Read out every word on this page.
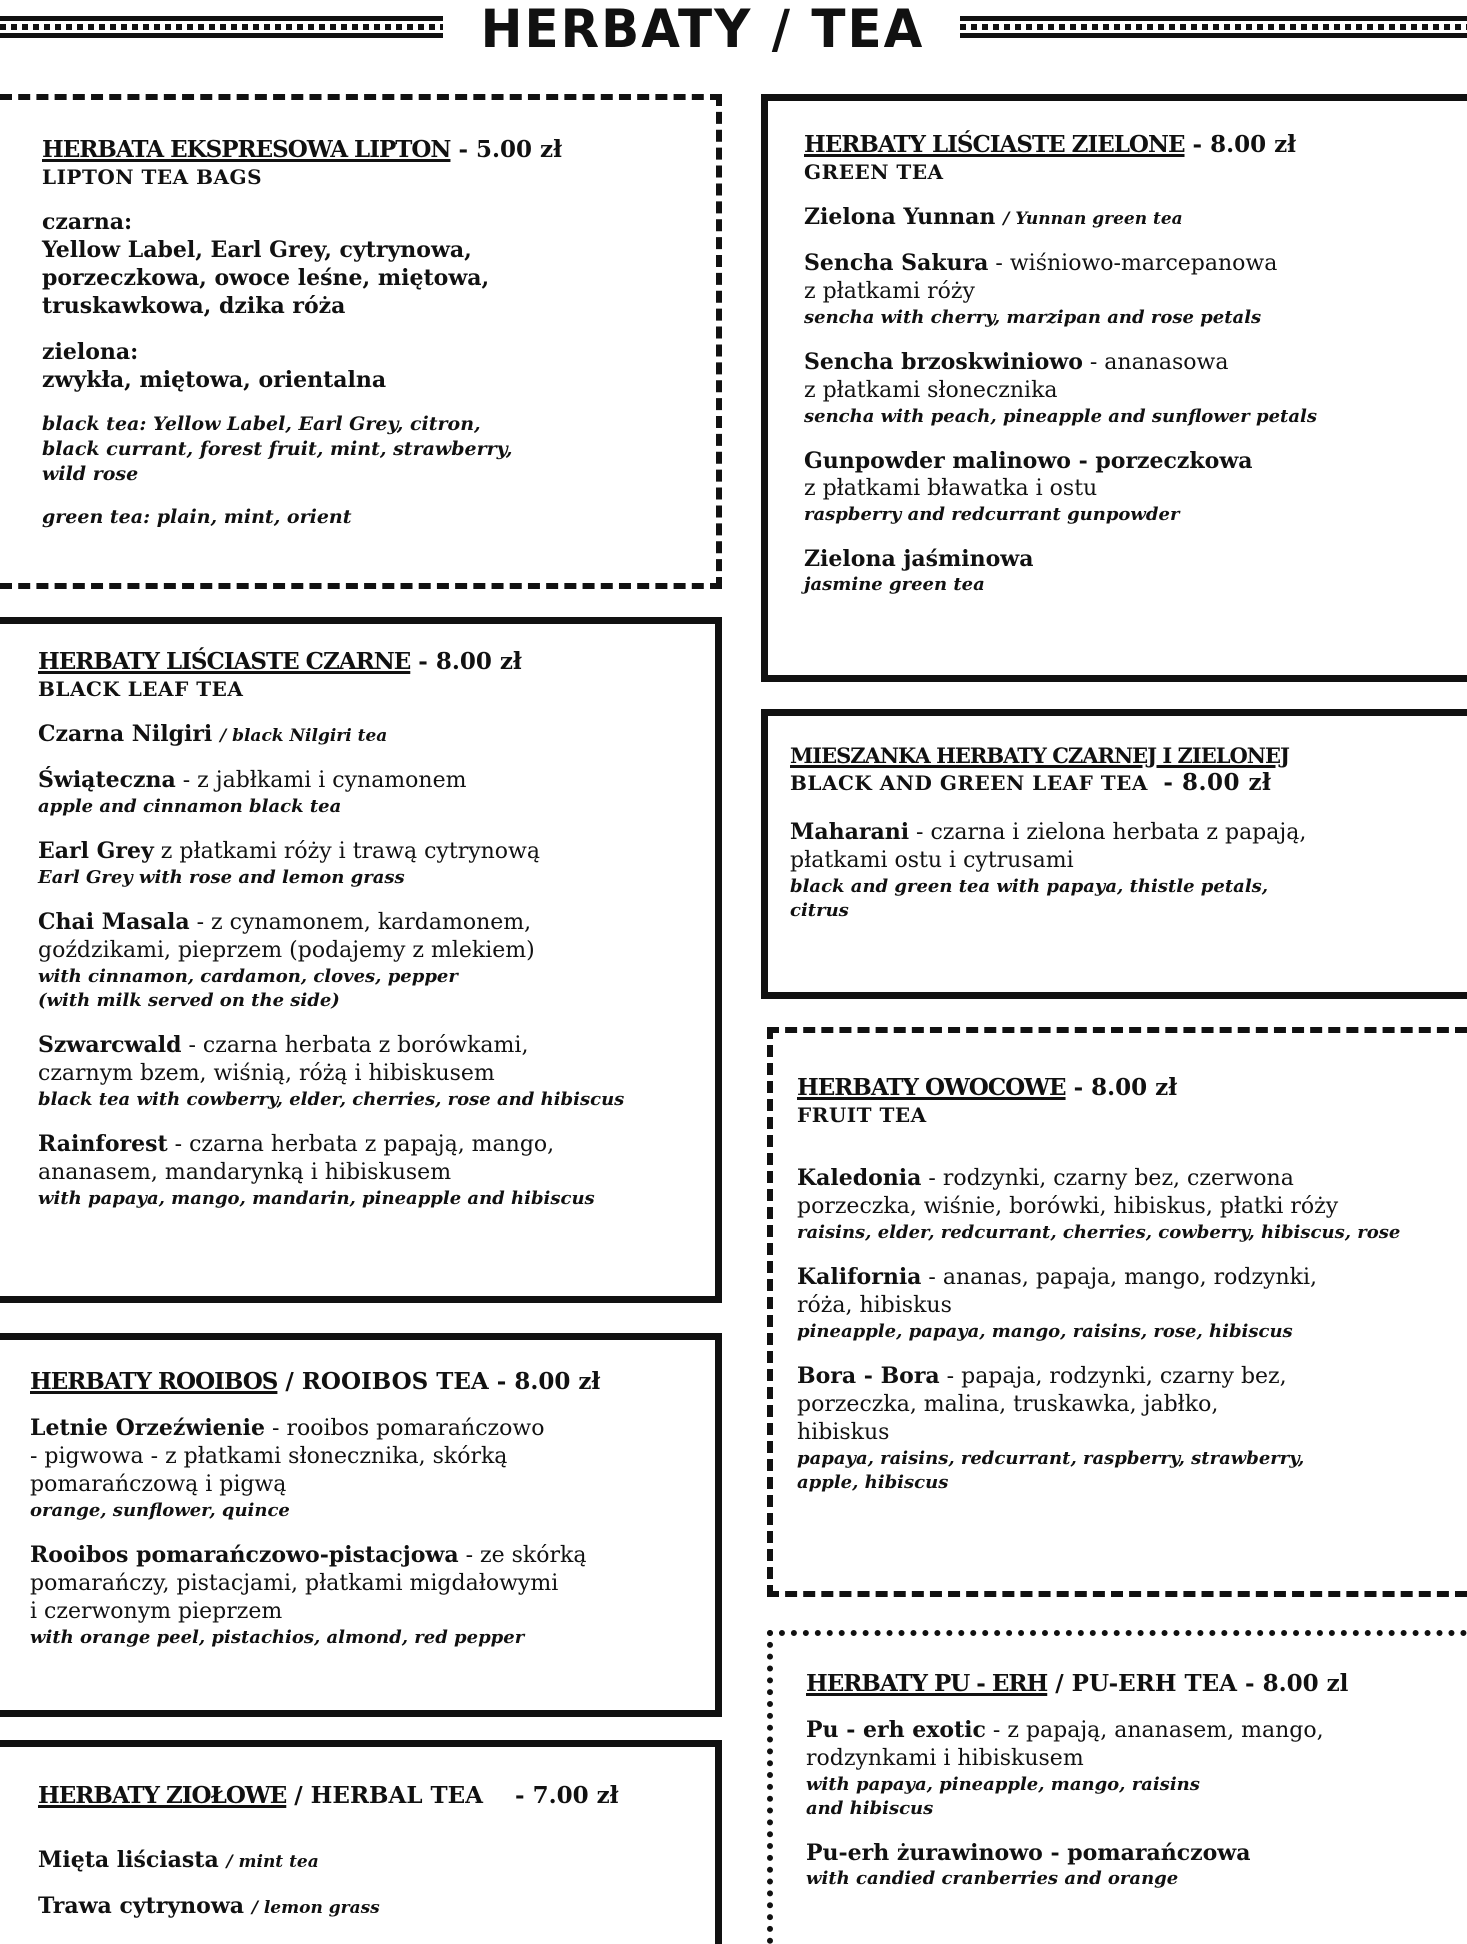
HERBATY / TEA
HERBATA EKSPRESOWA LIPTON - 5.00 zł
LIPTON TEA BAGS
czarna:
Yellow Label, Earl Grey, cytrynowa,
porzeczkowa, owoce leśne, miętowa,
truskawkowa, dzika róża
zielona:
zwykła, miętowa, orientalna
black tea: Yellow Label, Earl Grey, citron,
black currant, forest fruit, mint, strawberry,
wild rose
green tea: plain, mint, orient
HERBATY LIŚCIASTE CZARNE - 8.00 zł
BLACK LEAF TEA
Czarna Nilgiri / black Nilgiri tea
Świąteczna - z jabłkami i cynamonem
apple and cinnamon black tea
Earl Grey z płatkami róży i trawą cytrynową
Earl Grey with rose and lemon grass
Chai Masala - z cynamonem, kardamonem,
goździkami, pieprzem (podajemy z mlekiem)
with cinnamon, cardamon, cloves, pepper
(with milk served on the side)
Szwarcwald - czarna herbata z borówkami,
czarnym bzem, wiśnią, różą i hibiskusem
black tea with cowberry, elder, cherries, rose and hibiscus
Rainforest - czarna herbata z papają, mango,
ananasem, mandarynką i hibiskusem
with papaya, mango, mandarin, pineapple and hibiscus
HERBATY ROOIBOS / ROOIBOS TEA - 8.00 zł
Letnie Orzeźwienie - rooibos pomarańczowo
- pigwowa - z płatkami słonecznika, skórką
pomarańczową i pigwą
orange, sunflower, quince
Rooibos pomarańczowo-pistacjowa - ze skórką
pomarańczy, pistacjami, płatkami migdałowymi
i czerwonym pieprzem
with orange peel, pistachios, almond, red pepper
HERBATY ZIOŁOWE / HERBAL TEA - 7.00 zł
Mięta liściasta / mint tea
Trawa cytrynowa / lemon grass
HERBATY LIŚCIASTE ZIELONE - 8.00 zł
GREEN TEA
Zielona Yunnan / Yunnan green tea
Sencha Sakura - wiśniowo-marcepanowa
z płatkami róży
sencha with cherry, marzipan and rose petals
Sencha brzoskwiniowo - ananasowa
z płatkami słonecznika
sencha with peach, pineapple and sunflower petals
Gunpowder malinowo - porzeczkowa
z płatkami bławatka i ostu
raspberry and redcurrant gunpowder
Zielona jaśminowa
jasmine green tea
MIESZANKA HERBATY CZARNEJ I ZIELONEJ
BLACK AND GREEN LEAF TEA - 8.00 zł
Maharani - czarna i zielona herbata z papają,
płatkami ostu i cytrusami
black and green tea with papaya, thistle petals,
citrus
HERBATY OWOCOWE - 8.00 zł
FRUIT TEA
Kaledonia - rodzynki, czarny bez, czerwona
porzeczka, wiśnie, borówki, hibiskus, płatki róży
raisins, elder, redcurrant, cherries, cowberry, hibiscus, rose
Kalifornia - ananas, papaja, mango, rodzynki,
róża, hibiskus
pineapple, papaya, mango, raisins, rose, hibiscus
Bora - Bora - papaja, rodzynki, czarny bez,
porzeczka, malina, truskawka, jabłko,
hibiskus
papaya, raisins, redcurrant, raspberry, strawberry,
apple, hibiscus
HERBATY PU - ERH / PU-ERH TEA - 8.00 zl
Pu - erh exotic - z papają, ananasem, mango,
rodzynkami i hibiskusem
with papaya, pineapple, mango, raisins
and hibiscus
Pu-erh żurawinowo - pomarańczowa
with candied cranberries and orange
